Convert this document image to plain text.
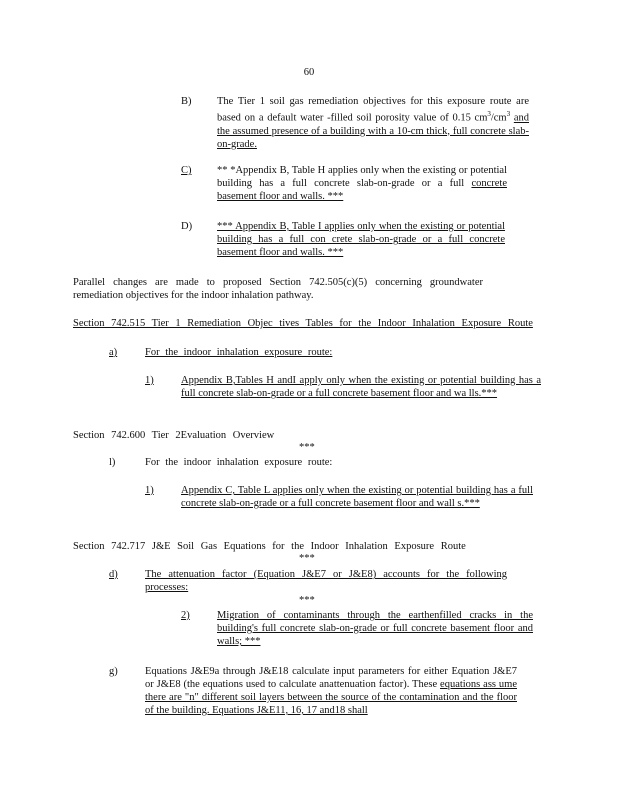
60
B) The Tier 1 soil gas remediation objectives for this exposure route are based on a default water -filled soil porosity value of 0.15 $cm^3/cm^3$ and the assumed presence of a building with a 10-cm thick, full concrete slab-on-grade.
C) ** *Appendix B, Table H applies only when the existing or potential building has a full concrete slab-on-grade or a full concrete basement floor and walls. ***
D) *** Appendix B, Table I applies only when the existing or potential building has a full con crete slab-on-grade or a full concrete basement floor and walls. ***
Parallel changes are made to proposed Section 742.505(c)(5) concerning groundwater remediation objectives for the indoor inhalation pathway.
Section 742.515 Tier 1 Remediation Objec tives Tables for the Indoor Inhalation Exposure Route
a)	For the indoor inhalation exposure route:
1)	Appendix B,Tables H andI apply only when the existing or potential building has a full concrete slab-on-grade or a full concrete basement floor and wa lls.***
Section 742.600 Tier 2Evaluation Overview
***
l)	For the indoor inhalation exposure route:
1)	Appendix C, Table L applies only when the existing or potential building has a full concrete slab-on-grade or a full concrete basement floor and wall s.***
Section 742.717 J&E Soil Gas Equations for the Indoor Inhalation Exposure Route
***
d)	The attenuation factor (Equation J&E7 or J&E8) accounts for the following processes:
***
2)	Migration of contaminants through the earthenfilled cracks in the building's full concrete slab-on-grade or full concrete basement floor and walls; ***
g)	Equations J&E9a through J&E18 calculate input parameters for either Equation J&E7 or J&E8 (the equations used to calculate anattenuation factor). These equations ass ume there are "n" different soil layers between the source of the contamination and the floor of the building. Equations J&E11, 16, 17 and18 shall
